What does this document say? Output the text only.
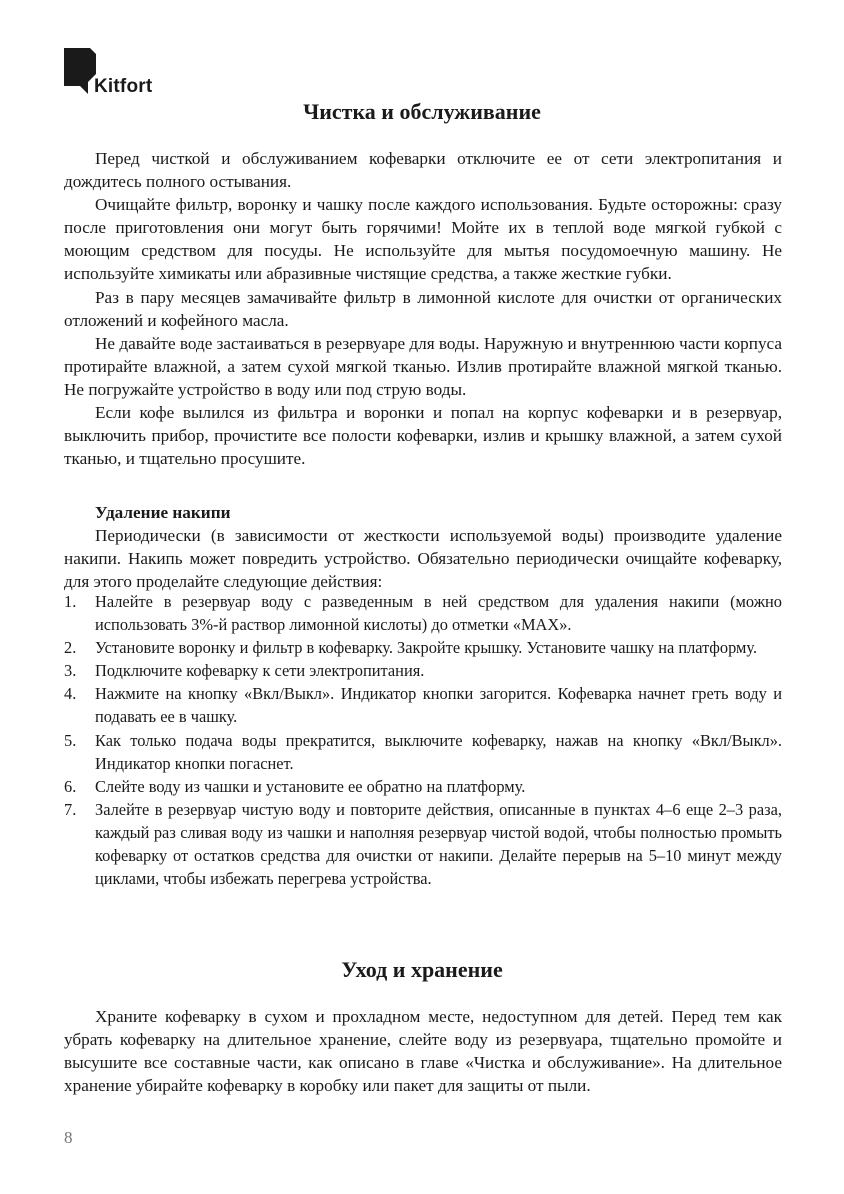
Kitfort
Чистка и обслуживание

Перед чисткой и обслуживанием кофеварки отключите ее от сети электропитания и дождитесь полного остывания.
Очищайте фильтр, воронку и чашку после каждого использования. Будьте осторожны: сразу после приготовления они могут быть горячими! Мойте их в теплой воде мягкой губкой с моющим средством для посуды. Не используйте для мытья посудомоечную машину. Не используйте химикаты или абразивные чистящие средства, а также жесткие губки.
Раз в пару месяцев замачивайте фильтр в лимонной кислоте для очистки от органических отложений и кофейного масла.
Не давайте воде застаиваться в резервуаре для воды. Наружную и внутреннюю части корпуса протирайте влажной, а затем сухой мягкой тканью. Излив протирайте влажной мягкой тканью. Не погружайте устройство в воду или под струю воды.
Если кофе вылился из фильтра и воронки и попал на корпус кофеварки и в резервуар, выключить прибор, прочистите все полости кофеварки, излив и крышку влажной, а затем сухой тканью, и тщательно просушите.

Удаление накипи

Периодически (в зависимости от жесткости используемой воды) производите удаление накипи. Накипь может повредить устройство. Обязательно периодически очищайте кофеварку, для этого проделайте следующие действия:

1. Налейте в резервуар воду с разведенным в ней средством для удаления накипи (можно использовать 3%-й раствор лимонной кислоты) до отметки «MAX».
2. Установите воронку и фильтр в кофеварку. Закройте крышку. Установите чашку на платформу.
3. Подключите кофеварку к сети электропитания.
4. Нажмите на кнопку «Вкл/Выкл». Индикатор кнопки загорится. Кофеварка начнет греть воду и подавать ее в чашку.
5. Как только подача воды прекратится, выключите кофеварку, нажав на кнопку «Вкл/Выкл». Индикатор кнопки погаснет.
6. Слейте воду из чашки и установите ее обратно на платформу.
7. Залейте в резервуар чистую воду и повторите действия, описанные в пунктах 4–6 еще 2–3 раза, каждый раз сливая воду из чашки и наполняя резервуар чистой водой, чтобы полностью промыть кофеварку от остатков средства для очистки от накипи. Делайте перерыв на 5–10 минут между циклами, чтобы избежать перегрева устройства.
Уход и хранение

Храните кофеварку в сухом и прохладном месте, недоступном для детей. Перед тем как убрать кофеварку на длительное хранение, слейте воду из резервуара, тщательно промойте и высушите все составные части, как описано в главе «Чистка и обслуживание». На длительное хранение убирайте кофеварку в коробку или пакет для защиты от пыли.

8
